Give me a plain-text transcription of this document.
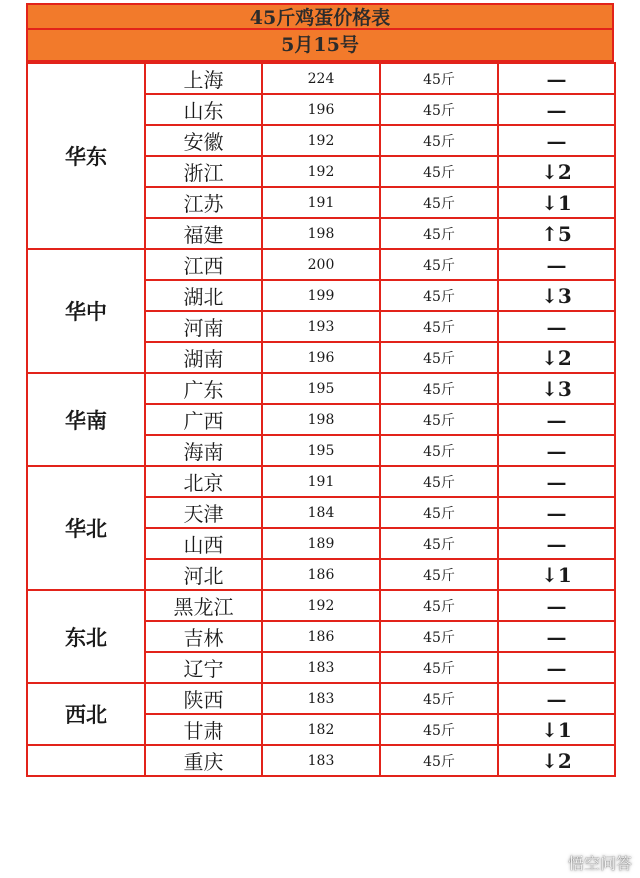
45斤鸡蛋价格表
5月15号
华东	上海	224	45斤	—
	山东	196	45斤	—
	安徽	192	45斤	—
	浙江	192	45斤	↓2
	江苏	191	45斤	↓1
	福建	198	45斤	↑5
华中	江西	200	45斤	—
	湖北	199	45斤	↓3
	河南	193	45斤	—
	湖南	196	45斤	↓2
华南	广东	195	45斤	↓3
	广西	198	45斤	—
	海南	195	45斤	—
华北	北京	191	45斤	—
	天津	184	45斤	—
	山西	189	45斤	—
	河北	186	45斤	↓1
东北	黑龙江	192	45斤	—
	吉林	186	45斤	—
	辽宁	183	45斤	—
西北	陕西	183	45斤	—
	甘肃	182	45斤	↓1
	重庆	183	45斤	↓2
悟空问答
